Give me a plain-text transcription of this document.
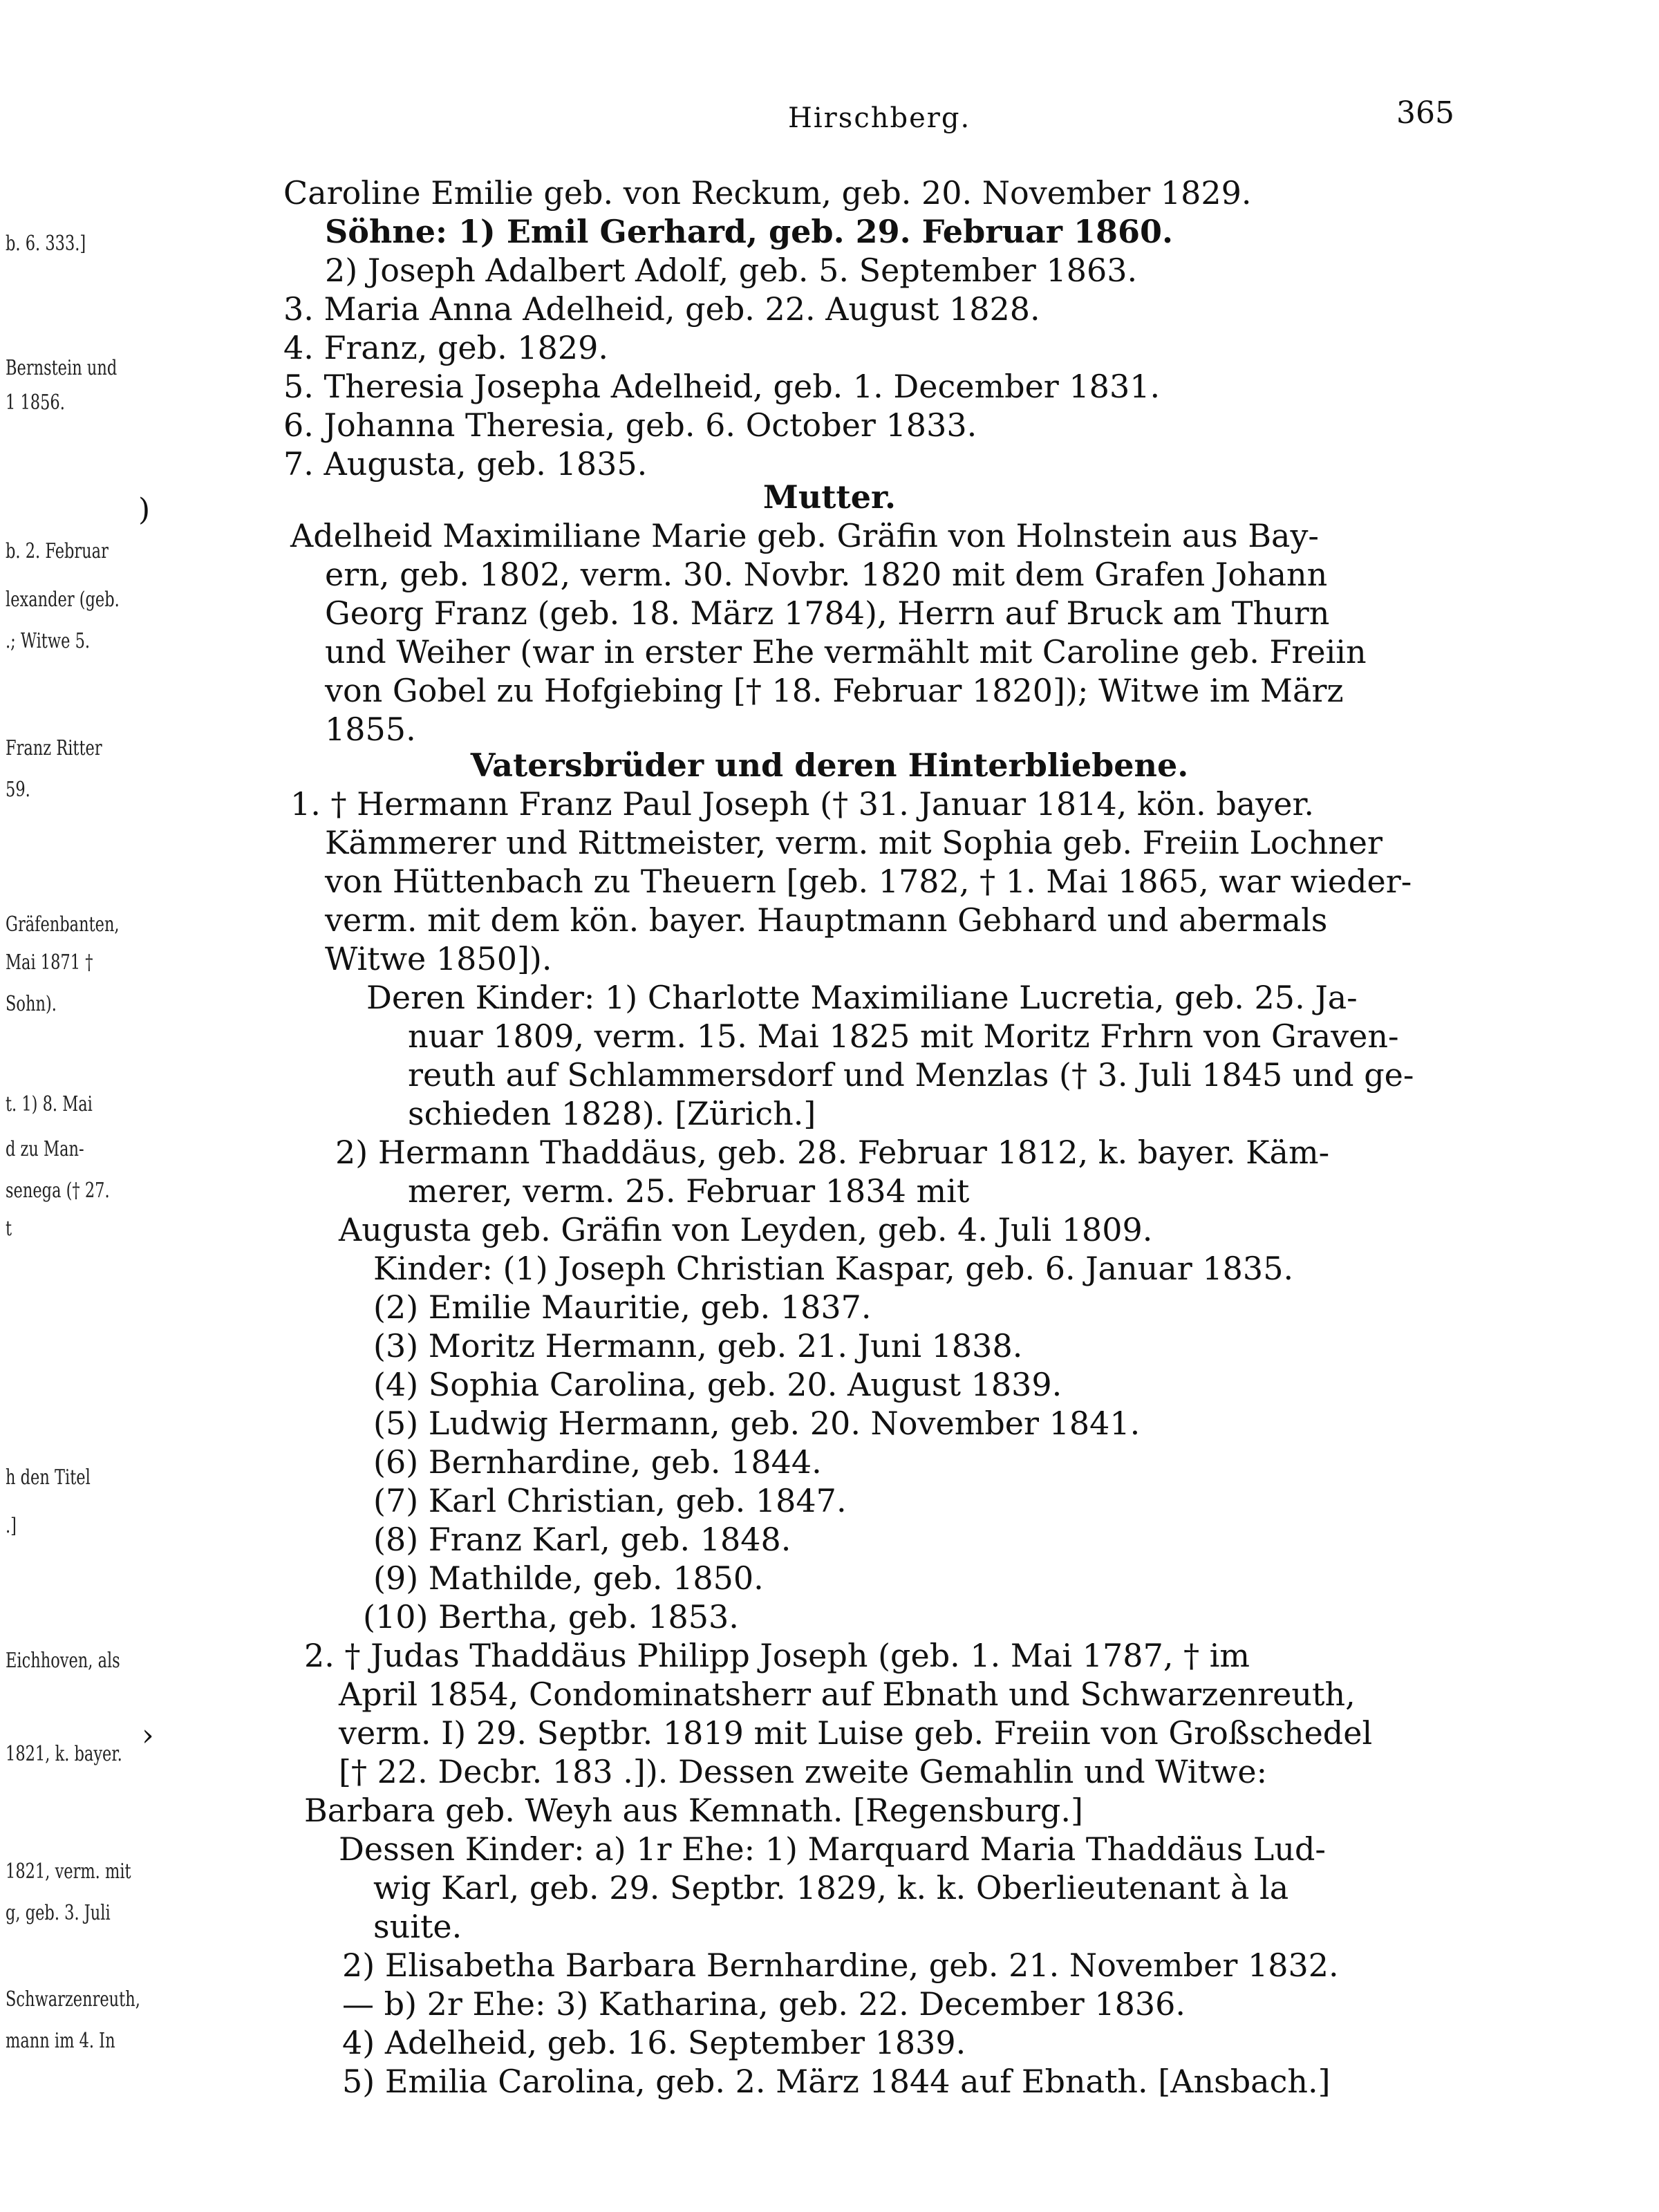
Hirschberg.	365
b. 6. 333.]
Bernstein und
1 1856.
b. 2. Februar
lexander (geb.
.; Witwe 5.
Franz Ritter
59.
Gräfenbanten,
Mai 1871 †
Sohn).
t. 1) 8. Mai
d zu Man-
senega († 27.
t
h den Titel
.]
Eichhoven, als
1821, k. bayer.
1821, verm. mit
g, geb. 3. Juli
Schwarzenreuth,
mann im 4. In
)
›
Caroline Emilie geb. von Reckum, geb. 20. November 1829.
Söhne: 1) Emil Gerhard, geb. 29. Februar 1860.
2) Joseph Adalbert Adolf, geb. 5. September 1863.
3. Maria Anna Adelheid, geb. 22. August 1828.
4. Franz, geb. 1829.
5. Theresia Josepha Adelheid, geb. 1. December 1831.
6. Johanna Theresia, geb. 6. October 1833.
7. Augusta, geb. 1835.
Mutter.
Adelheid Maximiliane Marie geb. Gräfin von Holnstein aus Bay-
ern, geb. 1802, verm. 30. Novbr. 1820 mit dem Grafen Johann
Georg Franz (geb. 18. März 1784), Herrn auf Bruck am Thurn
und Weiher (war in erster Ehe vermählt mit Caroline geb. Freiin
von Gobel zu Hofgiebing [† 18. Februar 1820]); Witwe im März
1855.
Vatersbrüder und deren Hinterbliebene.
1. † Hermann Franz Paul Joseph († 31. Januar 1814, kön. bayer.
Kämmerer und Rittmeister, verm. mit Sophia geb. Freiin Lochner
von Hüttenbach zu Theuern [geb. 1782, † 1. Mai 1865, war wieder-
verm. mit dem kön. bayer. Hauptmann Gebhard und abermals
Witwe 1850]).
Deren Kinder: 1) Charlotte Maximiliane Lucretia, geb. 25. Ja-
nuar 1809, verm. 15. Mai 1825 mit Moritz Frhrn von Graven-
reuth auf Schlammersdorf und Menzlas († 3. Juli 1845 und ge-
schieden 1828). [Zürich.]
2) Hermann Thaddäus, geb. 28. Februar 1812, k. bayer. Käm-
merer, verm. 25. Februar 1834 mit
Augusta geb. Gräfin von Leyden, geb. 4. Juli 1809.
Kinder: (1) Joseph Christian Kaspar, geb. 6. Januar 1835.
(2) Emilie Mauritie, geb. 1837.
(3) Moritz Hermann, geb. 21. Juni 1838.
(4) Sophia Carolina, geb. 20. August 1839.
(5) Ludwig Hermann, geb. 20. November 1841.
(6) Bernhardine, geb. 1844.
(7) Karl Christian, geb. 1847.
(8) Franz Karl, geb. 1848.
(9) Mathilde, geb. 1850.
(10) Bertha, geb. 1853.
2. † Judas Thaddäus Philipp Joseph (geb. 1. Mai 1787, † im
April 1854, Condominatsherr auf Ebnath und Schwarzenreuth,
verm. I) 29. Septbr. 1819 mit Luise geb. Freiin von Großschedel
[† 22. Decbr. 183 .]). Dessen zweite Gemahlin und Witwe:
Barbara geb. Weyh aus Kemnath. [Regensburg.]
Dessen Kinder: a) 1r Ehe: 1) Marquard Maria Thaddäus Lud-
wig Karl, geb. 29. Septbr. 1829, k. k. Oberlieutenant à la
suite.
2) Elisabetha Barbara Bernhardine, geb. 21. November 1832.
— b) 2r Ehe: 3) Katharina, geb. 22. December 1836.
4) Adelheid, geb. 16. September 1839.
5) Emilia Carolina, geb. 2. März 1844 auf Ebnath. [Ansbach.]
